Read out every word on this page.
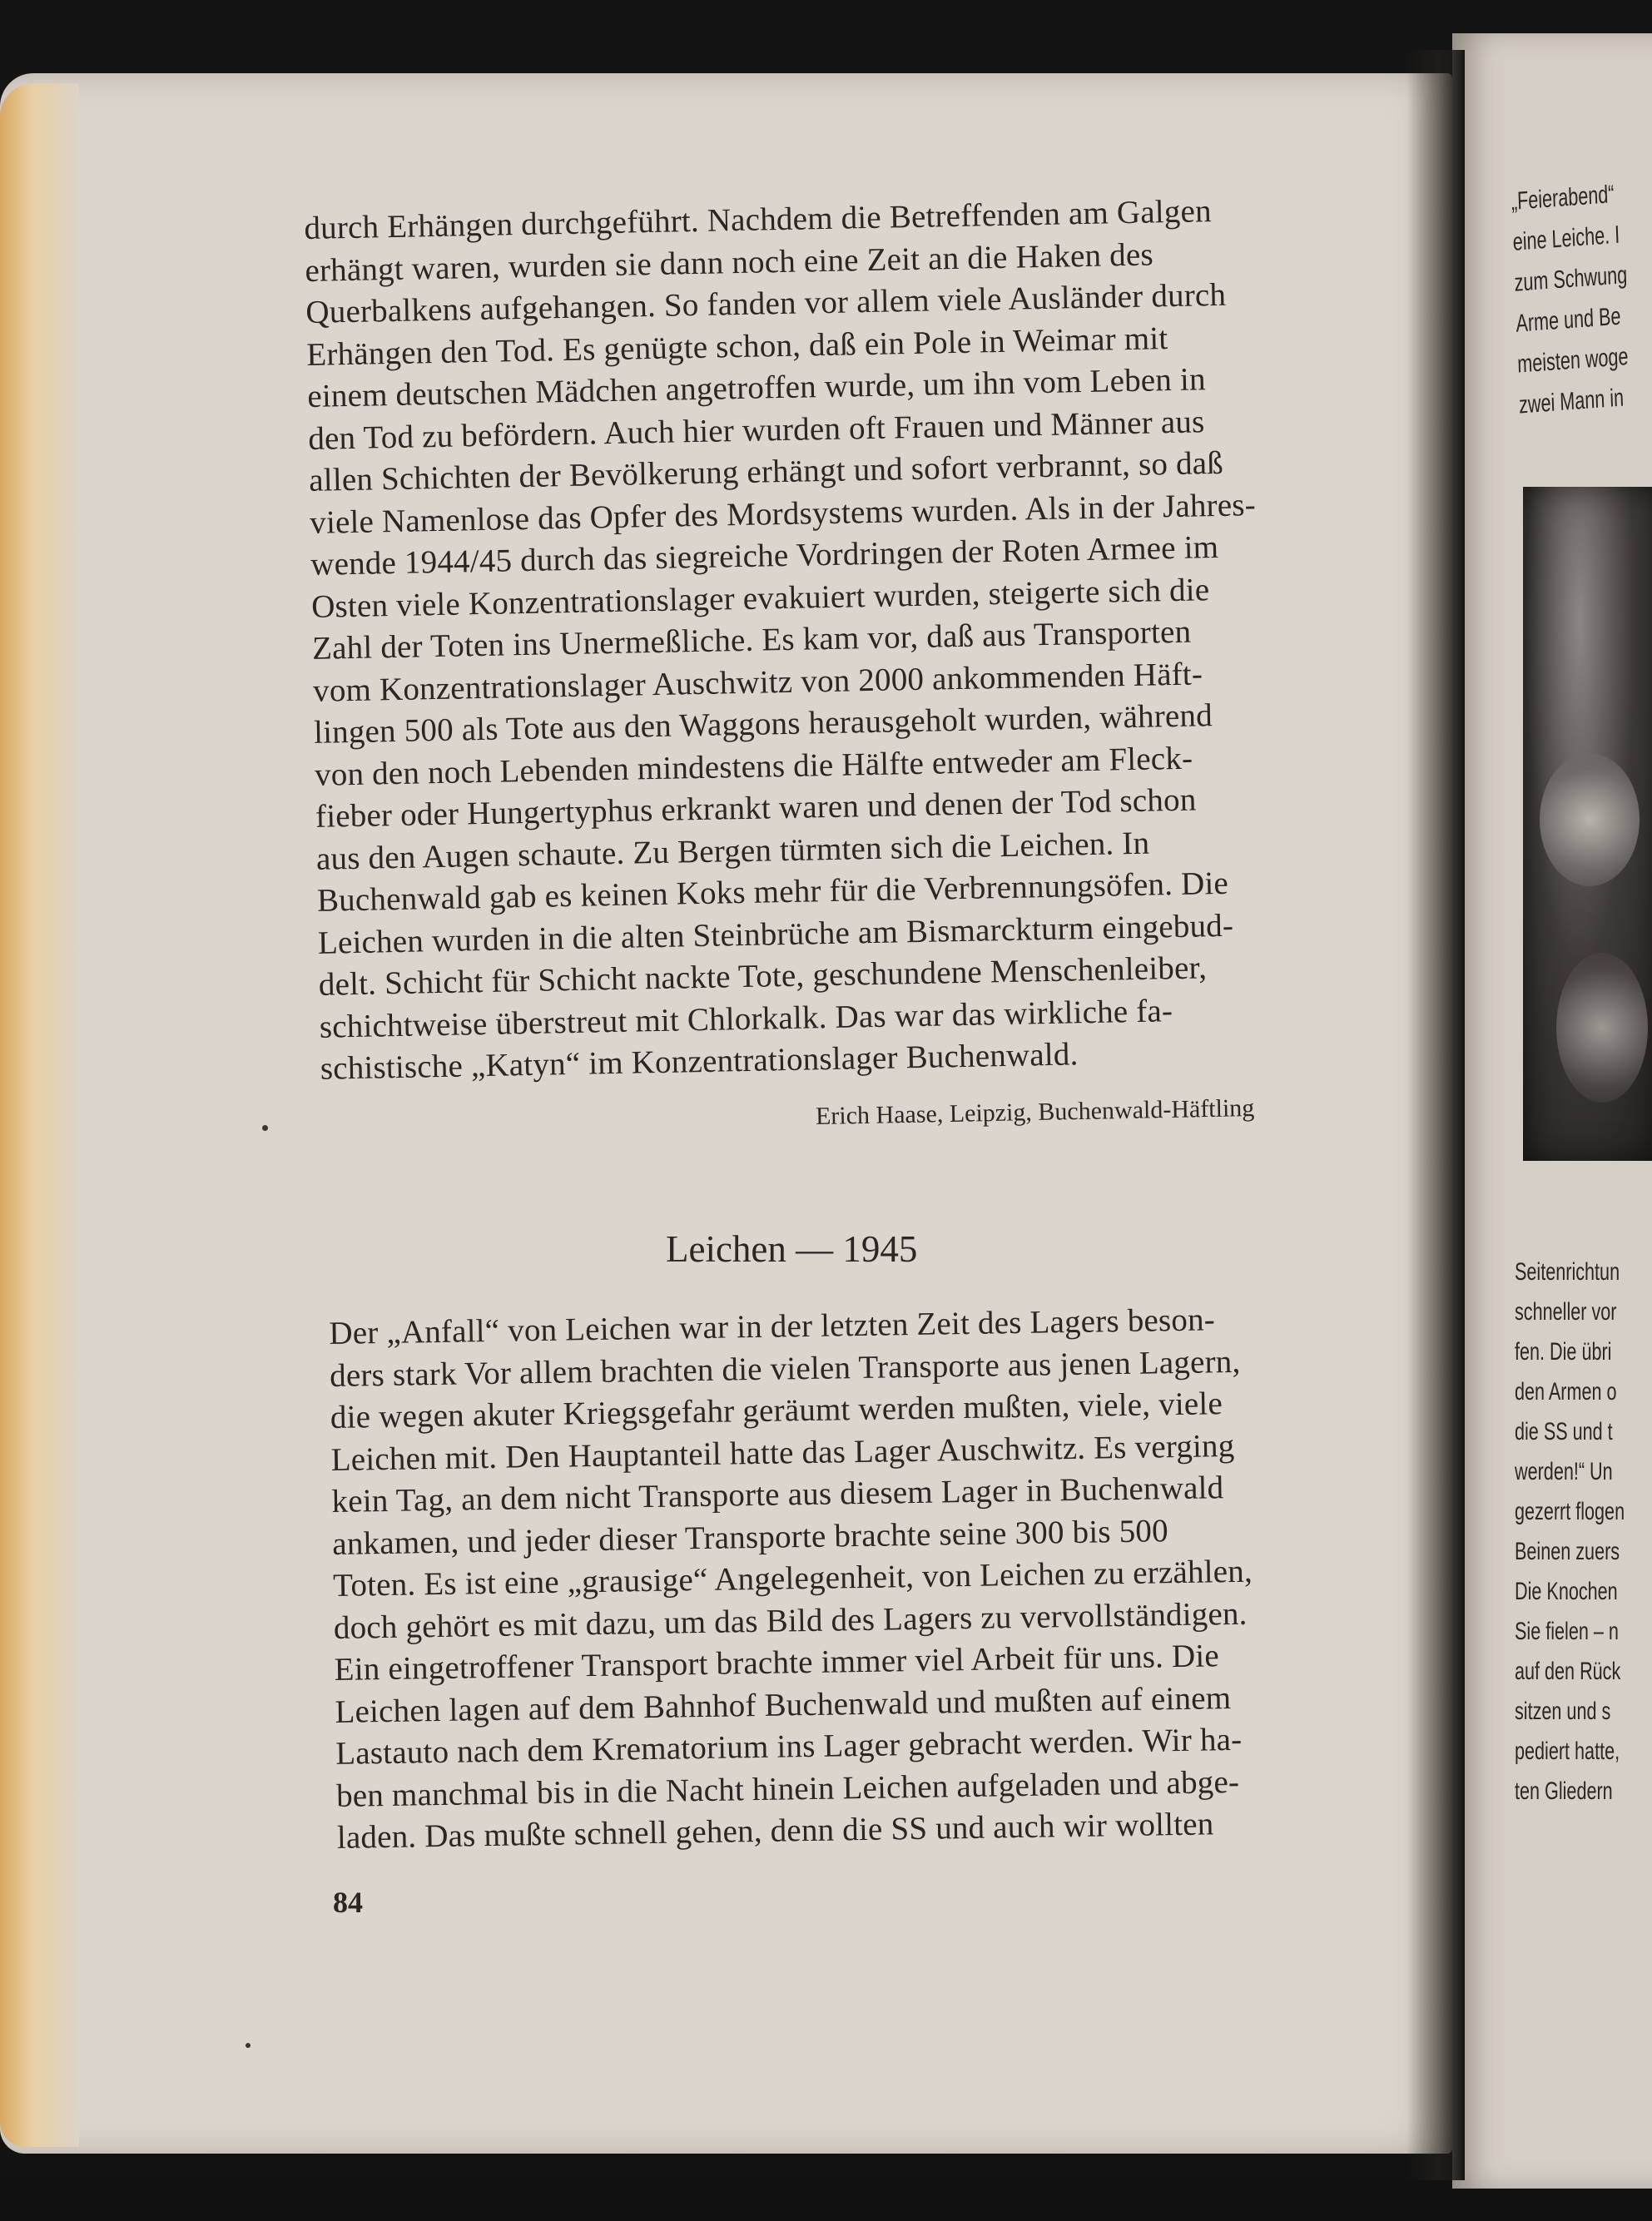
durch Erhängen durchgeführt. Nachdem die Betreffenden am Galgen
erhängt waren, wurden sie dann noch eine Zeit an die Haken des
Querbalkens aufgehangen. So fanden vor allem viele Ausländer durch
Erhängen den Tod. Es genügte schon, daß ein Pole in Weimar mit
einem deutschen Mädchen angetroffen wurde, um ihn vom Leben in
den Tod zu befördern. Auch hier wurden oft Frauen und Männer aus
allen Schichten der Bevölkerung erhängt und sofort verbrannt, so daß
viele Namenlose das Opfer des Mordsystems wurden. Als in der Jahres-
wende 1944/45 durch das siegreiche Vordringen der Roten Armee im
Osten viele Konzentrationslager evakuiert wurden, steigerte sich die
Zahl der Toten ins Unermeßliche. Es kam vor, daß aus Transporten
vom Konzentrationslager Auschwitz von 2000 ankommenden Häft-
lingen 500 als Tote aus den Waggons herausgeholt wurden, während
von den noch Lebenden mindestens die Hälfte entweder am Fleck-
fieber oder Hungertyphus erkrankt waren und denen der Tod schon
aus den Augen schaute. Zu Bergen türmten sich die Leichen. In
Buchenwald gab es keinen Koks mehr für die Verbrennungsöfen. Die
Leichen wurden in die alten Steinbrüche am Bismarckturm eingebud-
delt. Schicht für Schicht nackte Tote, geschundene Menschenleiber,
schichtweise überstreut mit Chlorkalk. Das war das wirkliche fa-
schistische „Katyn“ im Konzentrationslager Buchenwald.
Erich Haase, Leipzig, Buchenwald-Häftling
Leichen — 1945
Der „Anfall“ von Leichen war in der letzten Zeit des Lagers beson-
ders stark Vor allem brachten die vielen Transporte aus jenen Lagern,
die wegen akuter Kriegsgefahr geräumt werden mußten, viele, viele
Leichen mit. Den Hauptanteil hatte das Lager Auschwitz. Es verging
kein Tag, an dem nicht Transporte aus diesem Lager in Buchenwald
ankamen, und jeder dieser Transporte brachte seine 300 bis 500
Toten. Es ist eine „grausige“ Angelegenheit, von Leichen zu erzählen,
doch gehört es mit dazu, um das Bild des Lagers zu vervollständigen.
Ein eingetroffener Transport brachte immer viel Arbeit für uns. Die
Leichen lagen auf dem Bahnhof Buchenwald und mußten auf einem
Lastauto nach dem Krematorium ins Lager gebracht werden. Wir ha-
ben manchmal bis in die Nacht hinein Leichen aufgeladen und abge-
laden. Das mußte schnell gehen, denn die SS und auch wir wollten
84
„Feierabend“
eine Leiche. I
zum Schwung
Arme und Be
meisten woge
zwei Mann in
Seitenrichtun
schneller vor
fen. Die übri
den Armen o
die SS und t
werden!“ Un
gezerrt flogen
Beinen zuers
Die Knochen
Sie fielen – n
auf den Rück
sitzen und s
pediert hatte,
ten Gliedern
